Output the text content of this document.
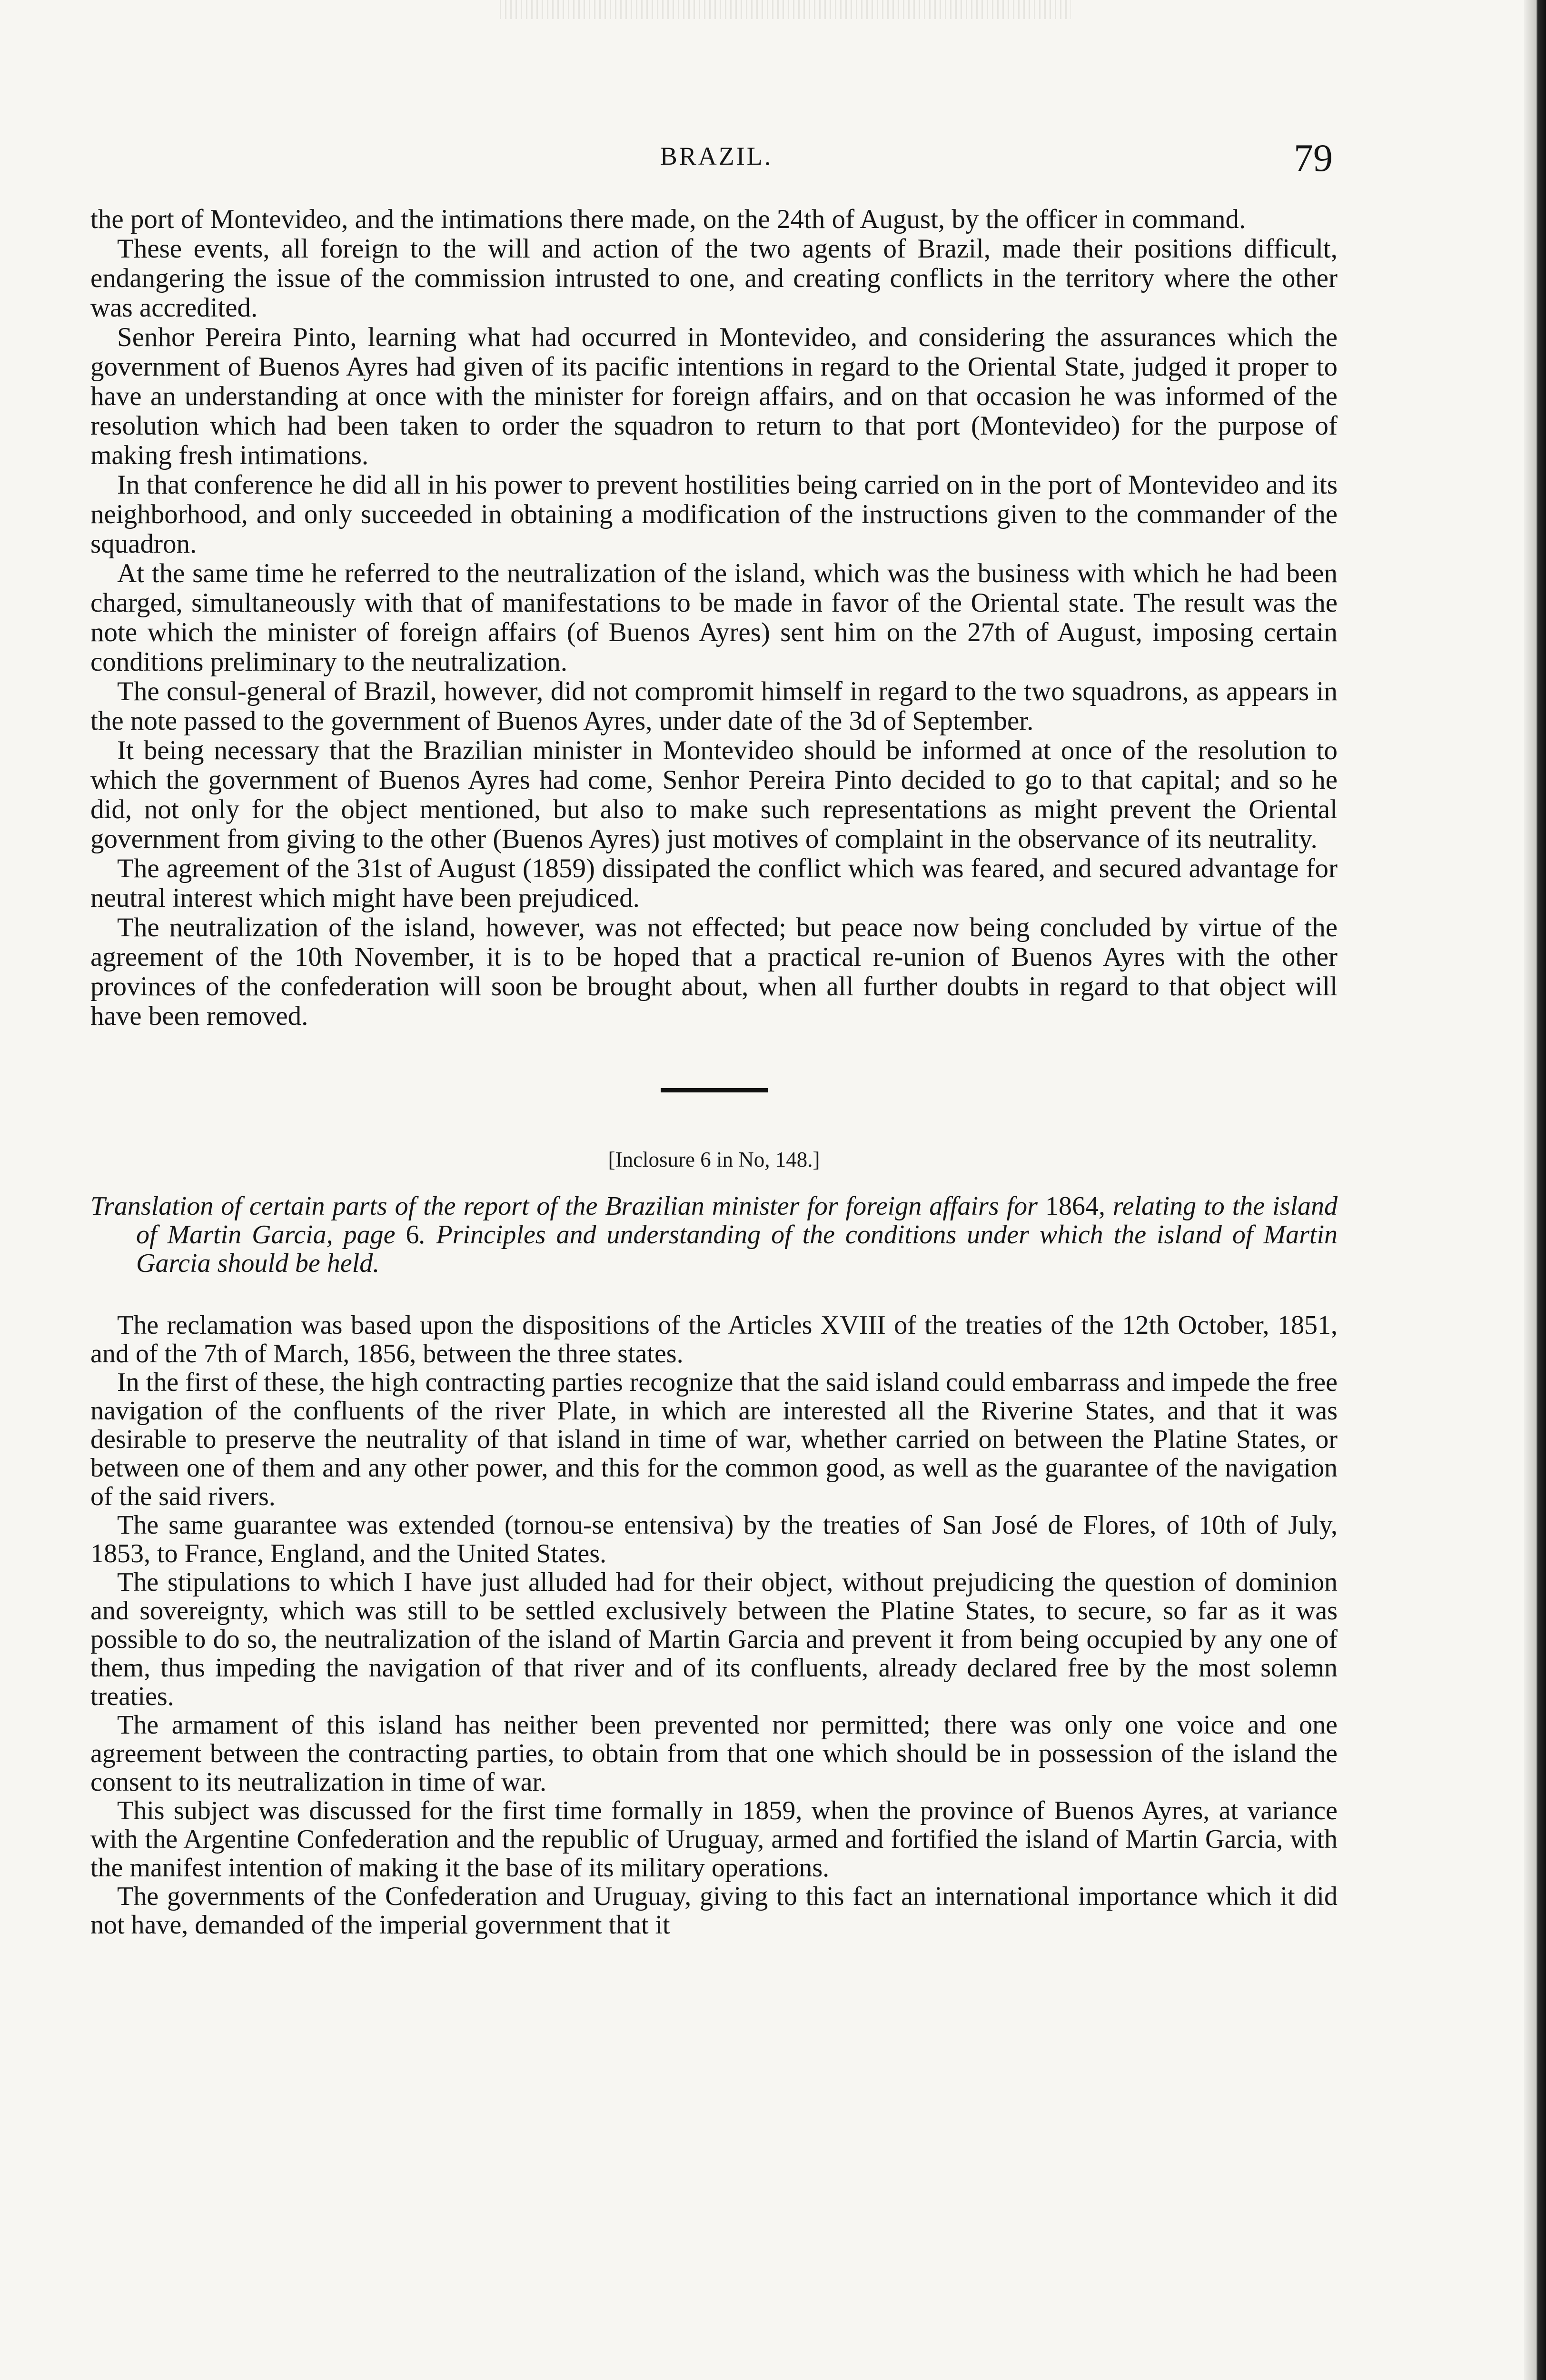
BRAZIL.	79

the port of Montevideo, and the intimations there made, on the 24th of August, by the officer in command.

These events, all foreign to the will and action of the two agents of Brazil, made their positions difficult, endangering the issue of the commission intrusted to one, and creating conflicts in the territory where the other was accredited.

Senhor Pereira Pinto, learning what had occurred in Montevideo, and considering the assurances which the government of Buenos Ayres had given of its pacific intentions in regard to the Oriental State, judged it proper to have an understanding at once with the minister for foreign affairs, and on that occasion he was informed of the resolution which had been taken to order the squadron to return to that port (Montevideo) for the purpose of making fresh intimations.

In that conference he did all in his power to prevent hostilities being carried on in the port of Montevideo and its neighborhood, and only succeeded in obtaining a modification of the instructions given to the commander of the squadron.

At the same time he referred to the neutralization of the island, which was the business with which he had been charged, simultaneously with that of manifestations to be made in favor of the Oriental state. The result was the note which the minister of foreign affairs (of Buenos Ayres) sent him on the 27th of August, imposing certain conditions preliminary to the neutralization.

The consul-general of Brazil, however, did not compromit himself in regard to the two squadrons, as appears in the note passed to the government of Buenos Ayres, under date of the 3d of September.

It being necessary that the Brazilian minister in Montevideo should be informed at once of the resolution to which the government of Buenos Ayres had come, Senhor Pereira Pinto decided to go to that capital; and so he did, not only for the object mentioned, but also to make such representations as might prevent the Oriental government from giving to the other (Buenos Ayres) just motives of complaint in the observance of its neutrality.

The agreement of the 31st of August (1859) dissipated the conflict which was feared, and secured advantage for neutral interest which might have been prejudiced.

The neutralization of the island, however, was not effected; but peace now being concluded by virtue of the agreement of the 10th November, it is to be hoped that a practical re-union of Buenos Ayres with the other provinces of the confederation will soon be brought about, when all further doubts in regard to that object will have been removed.

[Inclosure 6 in No, 148.]
Translation of certain parts of the report of the Brazilian minister for foreign affairs for 1864, relating to the island of Martin Garcia, page 6. Principles and understanding of the conditions under which the island of Martin Garcia should be held.

The reclamation was based upon the dispositions of the Articles XVIII of the treaties of the 12th October, 1851, and of the 7th of March, 1856, between the three states.

In the first of these, the high contracting parties recognize that the said island could embarrass and impede the free navigation of the confluents of the river Plate, in which are interested all the Riverine States, and that it was desirable to preserve the neutrality of that island in time of war, whether carried on between the Platine States, or between one of them and any other power, and this for the common good, as well as the guarantee of the navigation of the said rivers.

The same guarantee was extended (tornou-se entensiva) by the treaties of San José de Flores, of 10th of July, 1853, to France, England, and the United States.

The stipulations to which I have just alluded had for their object, without prejudicing the question of dominion and sovereignty, which was still to be settled exclusively between the Platine States, to secure, so far as it was possible to do so, the neutralization of the island of Martin Garcia and prevent it from being occupied by any one of them, thus impeding the navigation of that river and of its confluents, already declared free by the most solemn treaties.

The armament of this island has neither been prevented nor permitted; there was only one voice and one agreement between the contracting parties, to obtain from that one which should be in possession of the island the consent to its neutralization in time of war.

This subject was discussed for the first time formally in 1859, when the province of Buenos Ayres, at variance with the Argentine Confederation and the republic of Uruguay, armed and fortified the island of Martin Garcia, with the manifest intention of making it the base of its military operations.

The governments of the Confederation and Uruguay, giving to this fact an international importance which it did not have, demanded of the imperial government that it
